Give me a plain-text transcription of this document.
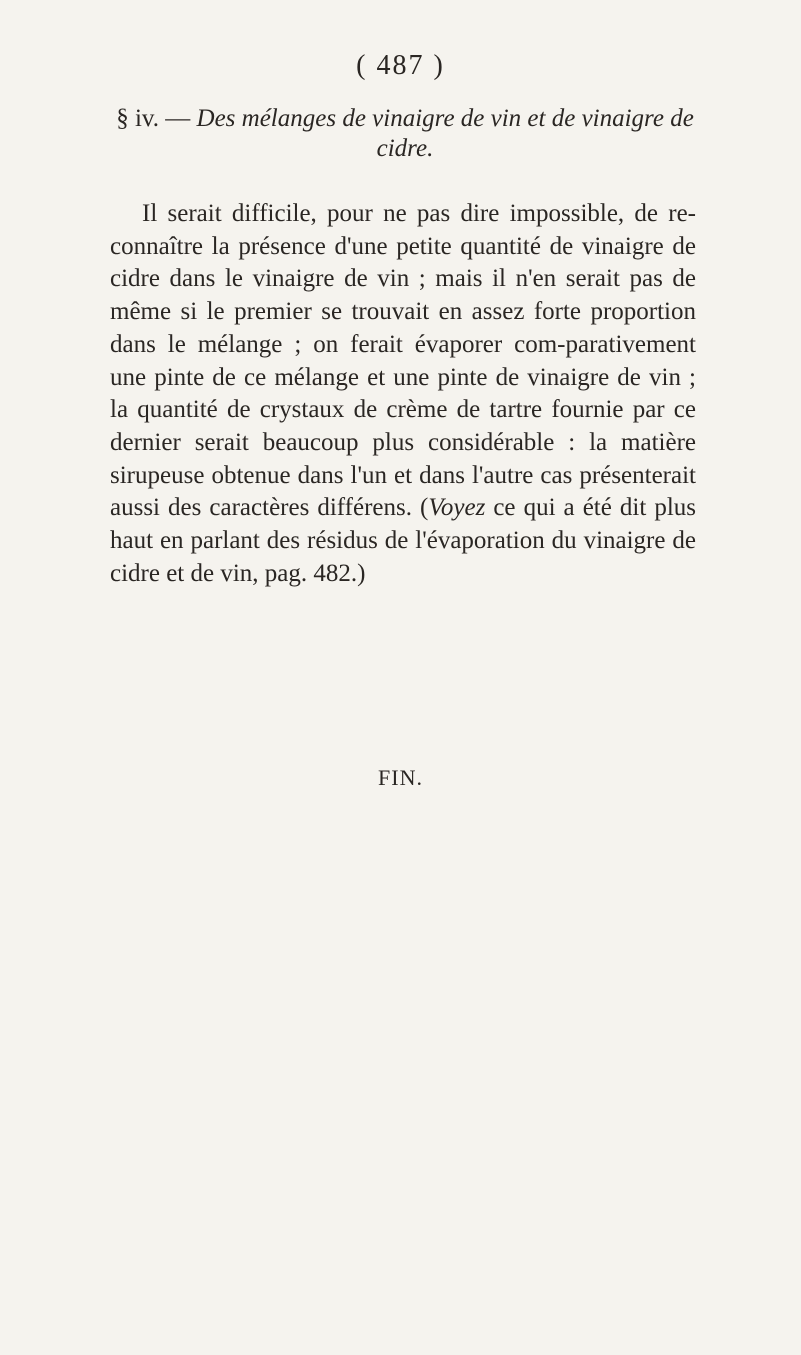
( 487 )
§ iv. — Des mélanges de vinaigre de vin et de vinaigre de cidre.
Il serait difficile, pour ne pas dire impossible, de re-connaître la présence d'une petite quantité de vinaigre de cidre dans le vinaigre de vin ; mais il n'en serait pas de même si le premier se trouvait en assez forte proportion dans le mélange ; on ferait évaporer com-parativement une pinte de ce mélange et une pinte de vinaigre de vin ; la quantité de crystaux de crème de tartre fournie par ce dernier serait beaucoup plus considérable : la matière sirupeuse obtenue dans l'un et dans l'autre cas présenterait aussi des caractères différens. (Voyez ce qui a été dit plus haut en parlant des résidus de l'évaporation du vinaigre de cidre et de vin, pag. 482.)
FIN.
